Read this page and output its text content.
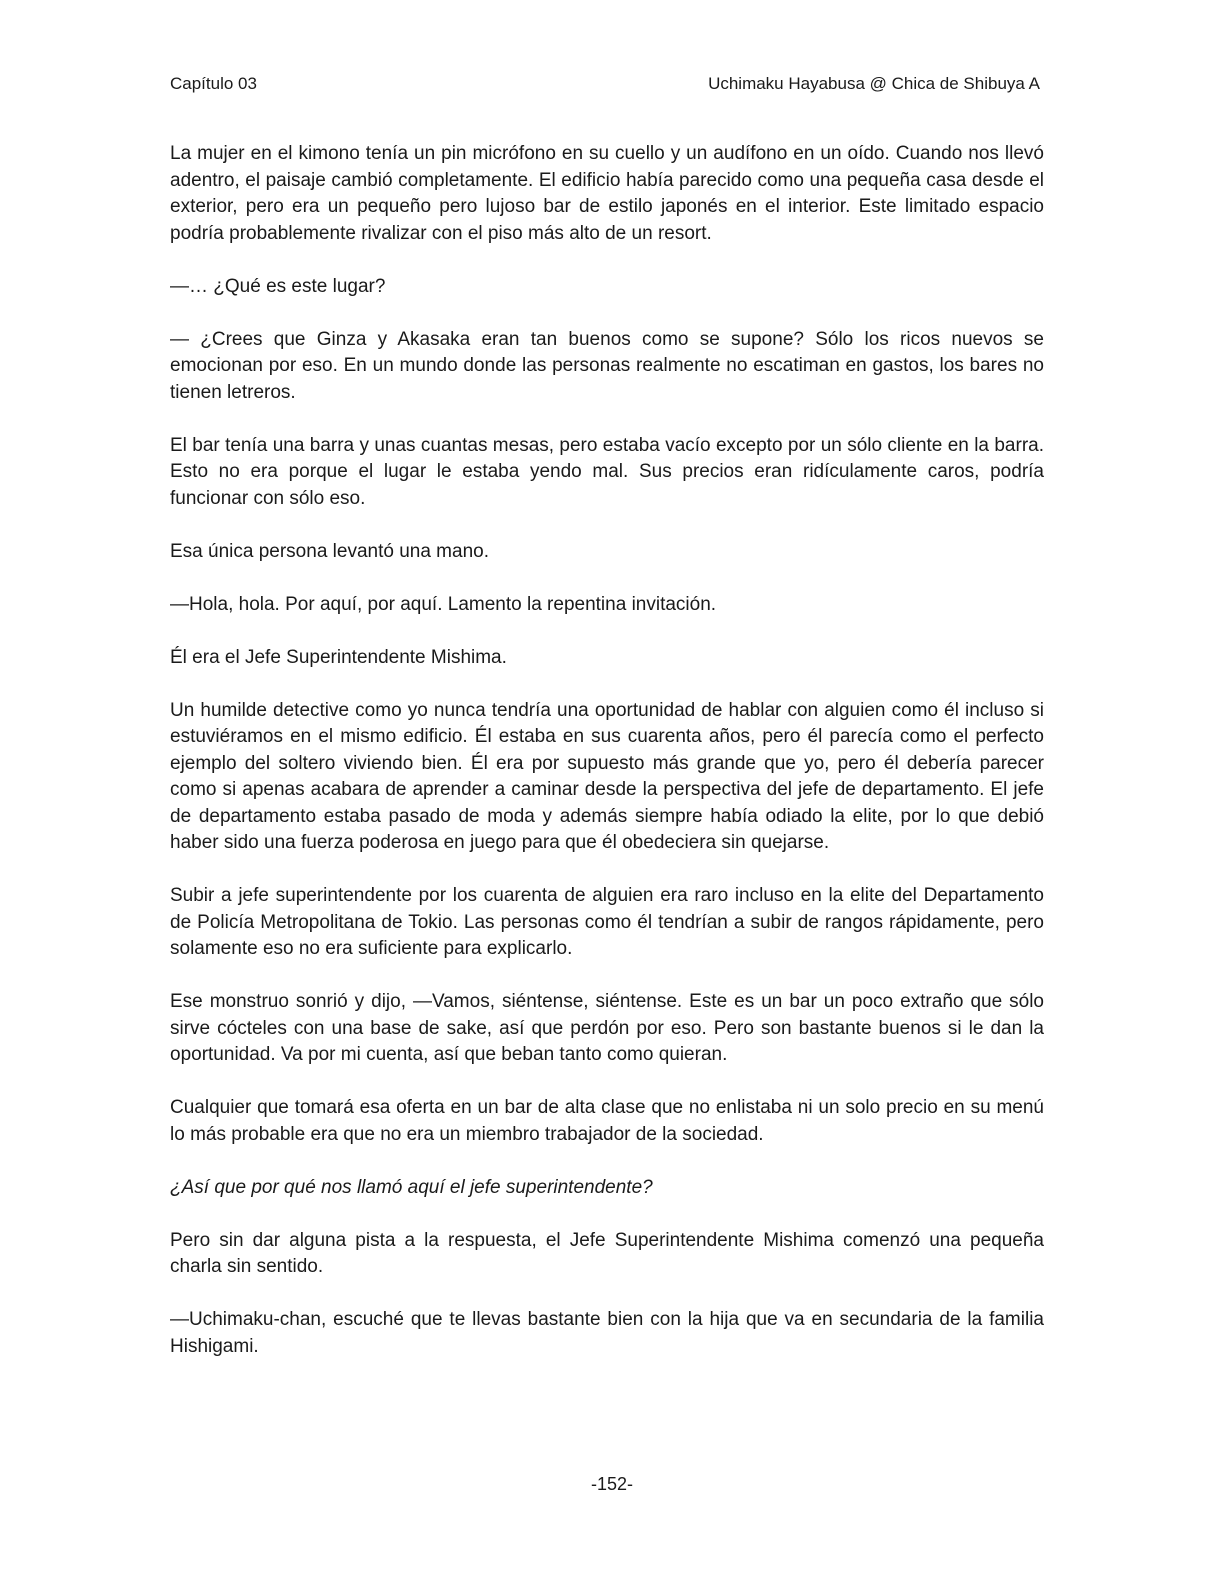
Capítulo 03	Uchimaku Hayabusa @ Chica de Shibuya A

La mujer en el kimono tenía un pin micrófono en su cuello y un audífono en un oído. Cuando nos llevó adentro, el paisaje cambió completamente. El edificio había parecido como una pequeña casa desde el exterior, pero era un pequeño pero lujoso bar de estilo japonés en el interior. Este limitado espacio podría probablemente rivalizar con el piso más alto de un resort.

—… ¿Qué es este lugar?

— ¿Crees que Ginza y Akasaka eran tan buenos como se supone? Sólo los ricos nuevos se emocionan por eso. En un mundo donde las personas realmente no escatiman en gastos, los bares no tienen letreros.

El bar tenía una barra y unas cuantas mesas, pero estaba vacío excepto por un sólo cliente en la barra. Esto no era porque el lugar le estaba yendo mal. Sus precios eran ridículamente caros, podría funcionar con sólo eso.

Esa única persona levantó una mano.

—Hola, hola. Por aquí, por aquí. Lamento la repentina invitación.

Él era el Jefe Superintendente Mishima.

Un humilde detective como yo nunca tendría una oportunidad de hablar con alguien como él incluso si estuviéramos en el mismo edificio. Él estaba en sus cuarenta años, pero él parecía como el perfecto ejemplo del soltero viviendo bien. Él era por supuesto más grande que yo, pero él debería parecer como si apenas acabara de aprender a caminar desde la perspectiva del jefe de departamento. El jefe de departamento estaba pasado de moda y además siempre había odiado la elite, por lo que debió haber sido una fuerza poderosa en juego para que él obedeciera sin quejarse.

Subir a jefe superintendente por los cuarenta de alguien era raro incluso en la elite del Departamento de Policía Metropolitana de Tokio. Las personas como él tendrían a subir de rangos rápidamente, pero solamente eso no era suficiente para explicarlo.

Ese monstruo sonrió y dijo, —Vamos, siéntense, siéntense. Este es un bar un poco extraño que sólo sirve cócteles con una base de sake, así que perdón por eso. Pero son bastante buenos si le dan la oportunidad. Va por mi cuenta, así que beban tanto como quieran.

Cualquier que tomará esa oferta en un bar de alta clase que no enlistaba ni un solo precio en su menú lo más probable era que no era un miembro trabajador de la sociedad.

¿Así que por qué nos llamó aquí el jefe superintendente?

Pero sin dar alguna pista a la respuesta, el Jefe Superintendente Mishima comenzó una pequeña charla sin sentido.

—Uchimaku-chan, escuché que te llevas bastante bien con la hija que va en secundaria de la familia Hishigami.

-152-
